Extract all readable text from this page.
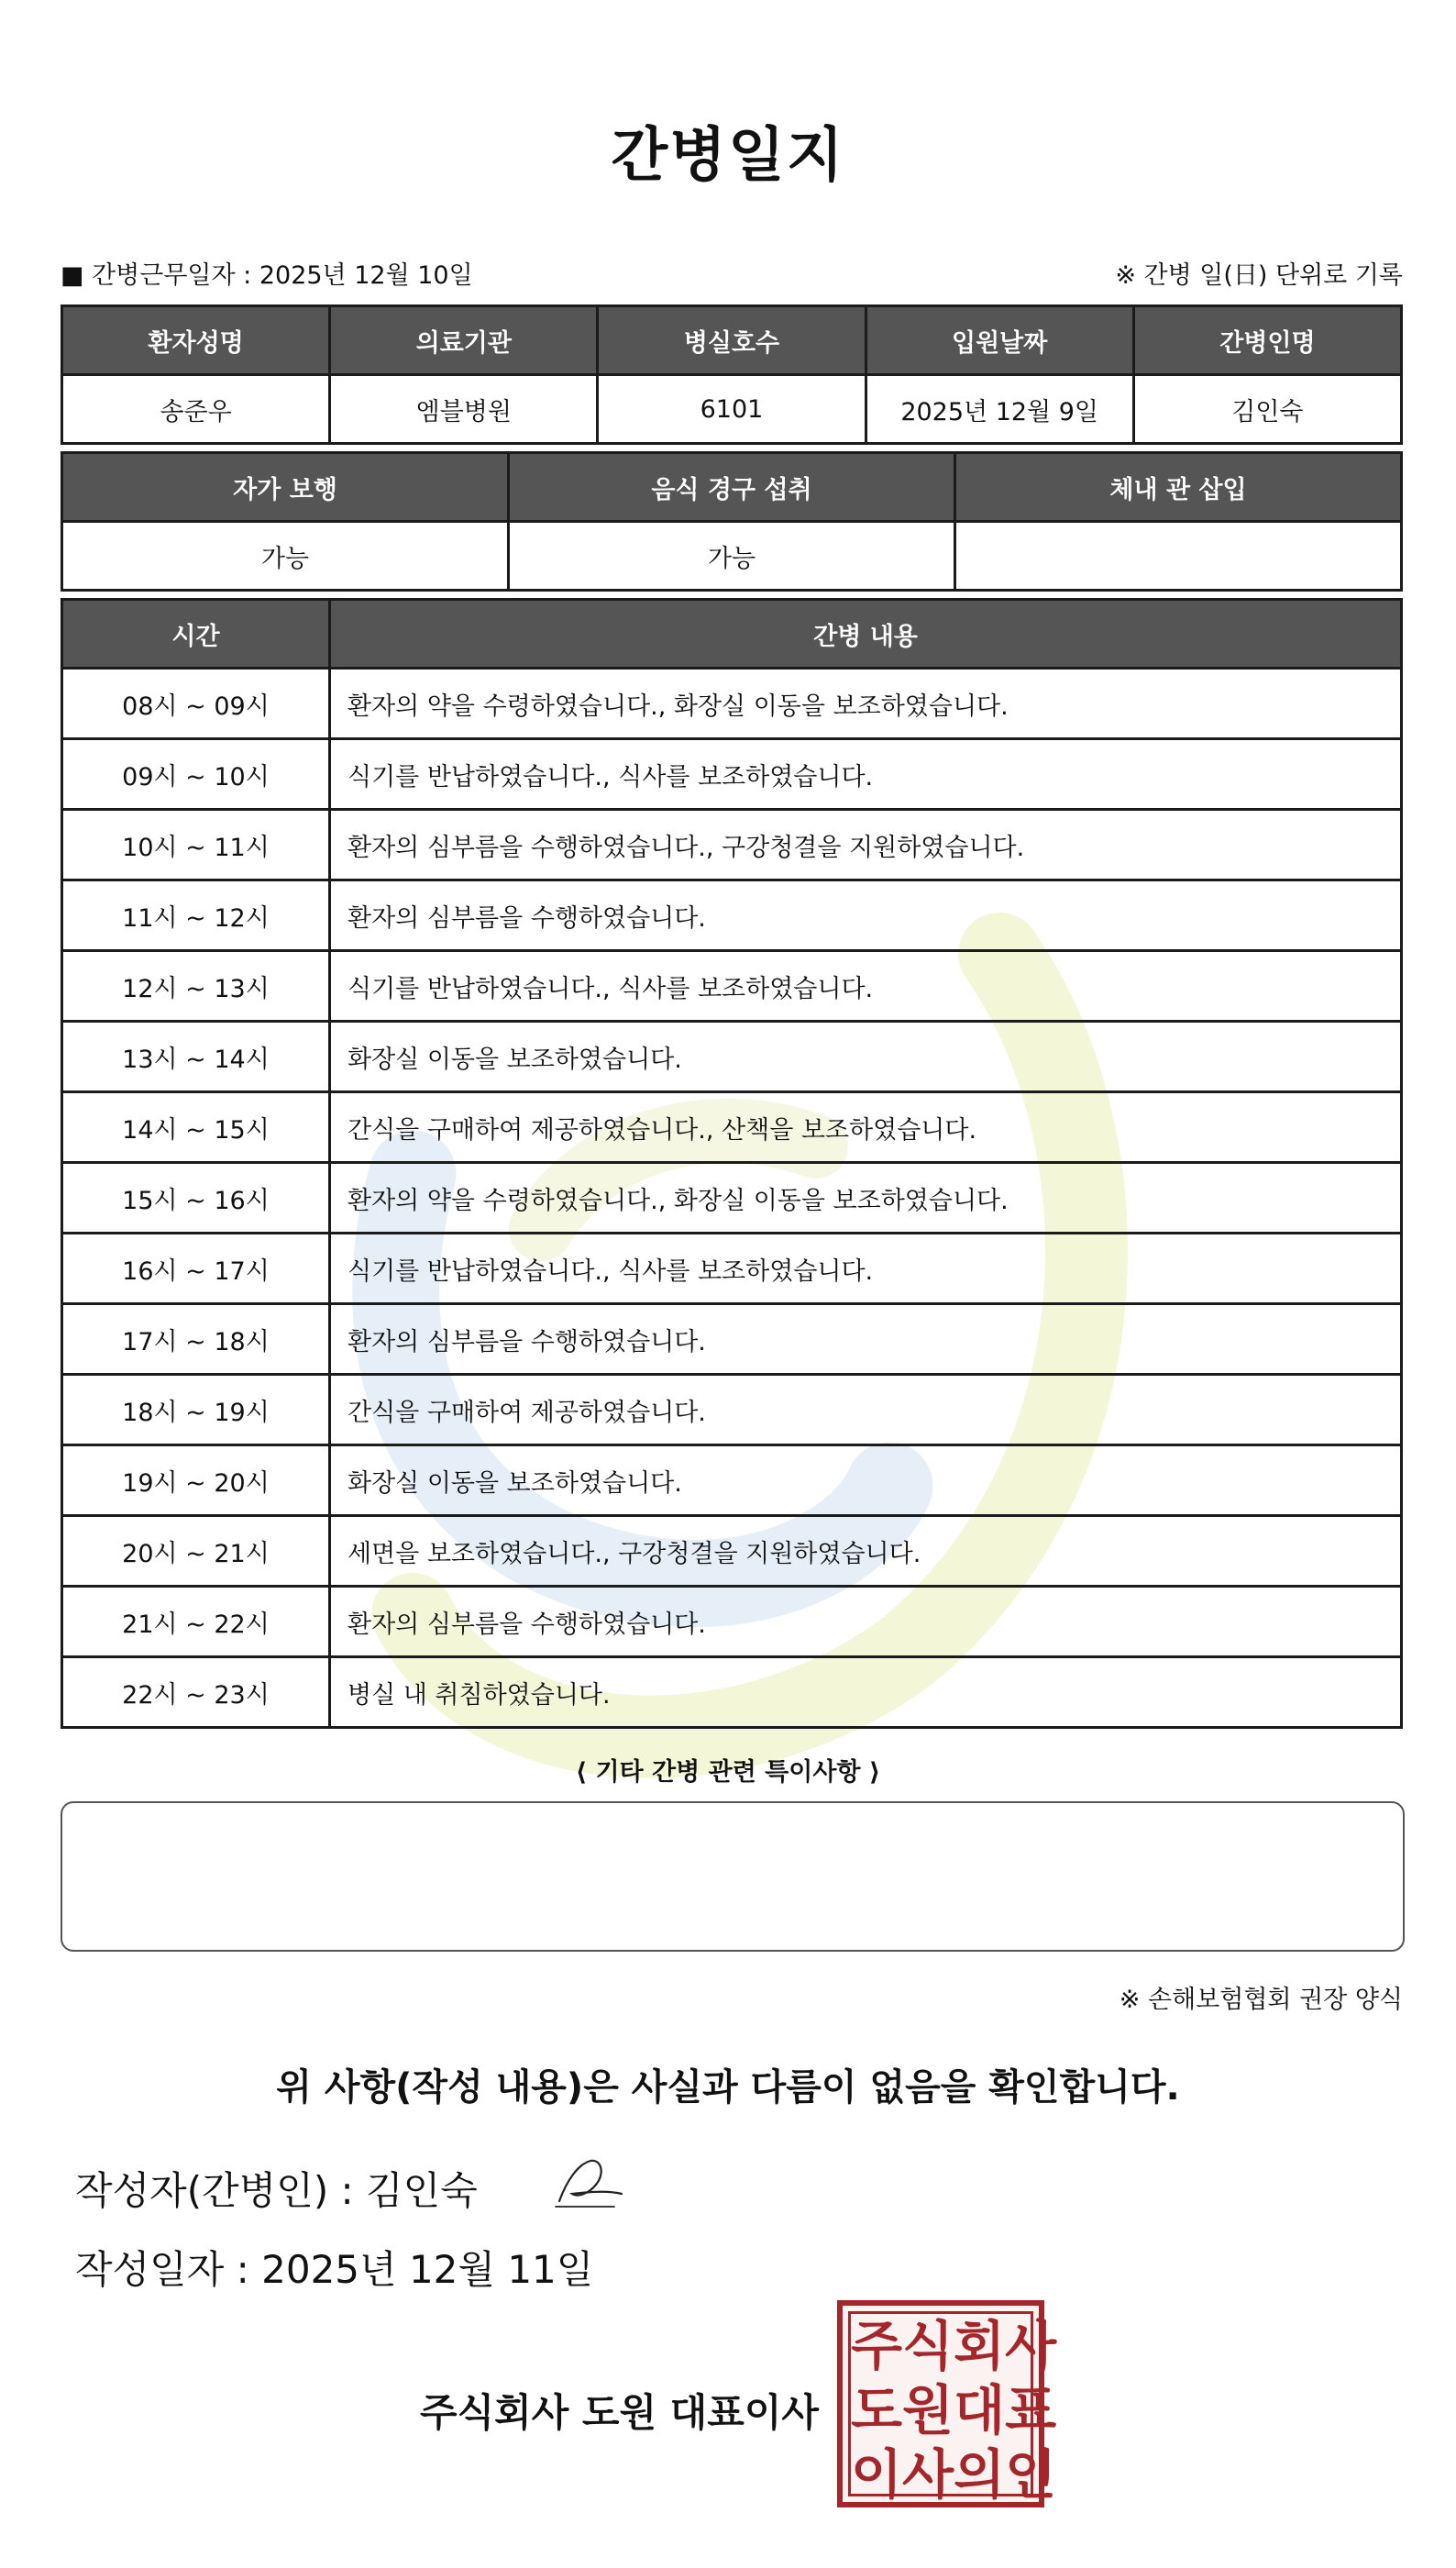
간병일지
■ 간병근무일자 : 2025년 12월 10일	※ 간병 일(日) 단위로 기록
환자성명	의료기관	병실호수	입원날짜	간병인명
송준우	엠블병원	6101	2025년 12월 9일	김인숙
자가 보행	음식 경구 섭취	체내 관 삽입
가능	가능	
시간	간병 내용
08시 ~ 09시	환자의 약을 수령하였습니다., 화장실 이동을 보조하였습니다.
09시 ~ 10시	식기를 반납하였습니다., 식사를 보조하였습니다.
10시 ~ 11시	환자의 심부름을 수행하였습니다., 구강청결을 지원하였습니다.
11시 ~ 12시	환자의 심부름을 수행하였습니다.
12시 ~ 13시	식기를 반납하였습니다., 식사를 보조하였습니다.
13시 ~ 14시	화장실 이동을 보조하였습니다.
14시 ~ 15시	간식을 구매하여 제공하였습니다., 산책을 보조하였습니다.
15시 ~ 16시	환자의 약을 수령하였습니다., 화장실 이동을 보조하였습니다.
16시 ~ 17시	식기를 반납하였습니다., 식사를 보조하였습니다.
17시 ~ 18시	환자의 심부름을 수행하였습니다.
18시 ~ 19시	간식을 구매하여 제공하였습니다.
19시 ~ 20시	화장실 이동을 보조하였습니다.
20시 ~ 21시	세면을 보조하였습니다., 구강청결을 지원하였습니다.
21시 ~ 22시	환자의 심부름을 수행하였습니다.
22시 ~ 23시	병실 내 취침하였습니다.
⟨ 기타 간병 관련 특이사항 ⟩
※ 손해보험협회 권장 양식
위 사항(작성 내용)은 사실과 다름이 없음을 확인합니다.
작성자(간병인) : 김인숙
작성일자 : 2025년 12월 11일
주식회사 도원 대표이사
주 식 회 사
도 원 대 표
이 사 의 인
